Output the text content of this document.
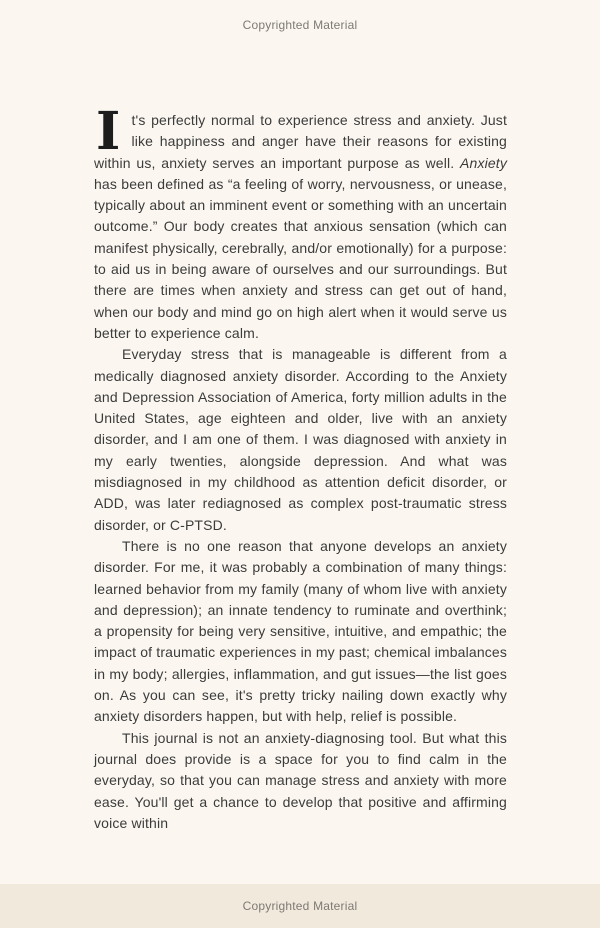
Copyrighted Material

It's perfectly normal to experience stress and anxiety. Just like happiness and anger have their reasons for existing within us, anxiety serves an important purpose as well. Anxiety has been defined as “a feeling of worry, nervousness, or unease, typically about an imminent event or something with an uncertain outcome.” Our body creates that anxious sensation (which can manifest physically, cerebrally, and/or emotionally) for a purpose: to aid us in being aware of ourselves and our surroundings. But there are times when anxiety and stress can get out of hand, when our body and mind go on high alert when it would serve us better to experience calm.

Everyday stress that is manageable is different from a medically diagnosed anxiety disorder. According to the Anxiety and Depression Association of America, forty million adults in the United States, age eighteen and older, live with an anxiety disorder, and I am one of them. I was diagnosed with anxiety in my early twenties, alongside depression. And what was misdiagnosed in my childhood as attention deficit disorder, or ADD, was later rediagnosed as complex post-traumatic stress disorder, or C-PTSD.

There is no one reason that anyone develops an anxiety disorder. For me, it was probably a combination of many things: learned behavior from my family (many of whom live with anxiety and depression); an innate tendency to ruminate and overthink; a propensity for being very sensitive, intuitive, and empathic; the impact of traumatic experiences in my past; chemical imbalances in my body; allergies, inflammation, and gut issues—the list goes on. As you can see, it's pretty tricky nailing down exactly why anxiety disorders happen, but with help, relief is possible.

This journal is not an anxiety-diagnosing tool. But what this journal does provide is a space for you to find calm in the everyday, so that you can manage stress and anxiety with more ease. You'll get a chance to develop that positive and affirming voice within

Copyrighted Material
